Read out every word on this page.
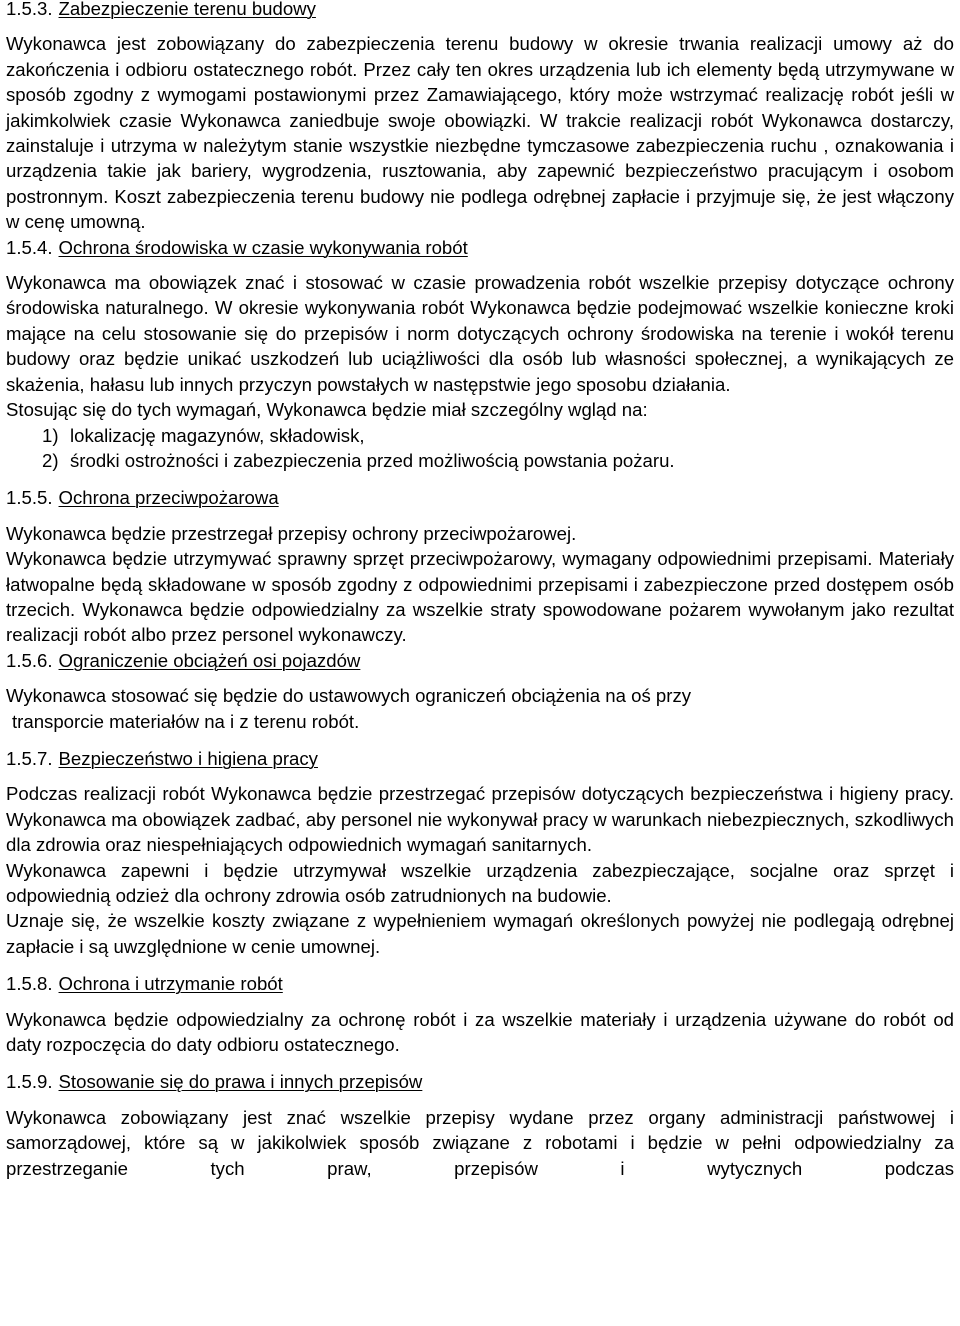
1.5.3. Zabezpieczenie terenu budowy

Wykonawca jest zobowiązany do zabezpieczenia terenu budowy w okresie trwania realizacji umowy aż do zakończenia i odbioru ostatecznego robót. Przez cały ten okres urządzenia lub ich elementy będą utrzymywane w sposób zgodny z wymogami postawionymi przez Zamawiającego, który może wstrzymać realizację robót jeśli w jakimkolwiek czasie Wykonawca zaniedbuje swoje obowiązki. W trakcie realizacji robót Wykonawca dostarczy, zainstaluje i utrzyma w należytym stanie wszystkie niezbędne tymczasowe zabezpieczenia ruchu , oznakowania i urządzenia takie jak bariery, wygrodzenia, rusztowania, aby zapewnić bezpieczeństwo pracującym i osobom postronnym. Koszt zabezpieczenia terenu budowy nie podlega odrębnej zapłacie i przyjmuje się, że jest włączony w cenę umowną.

1.5.4. Ochrona środowiska w czasie wykonywania robót

Wykonawca ma obowiązek znać i stosować w czasie prowadzenia robót wszelkie przepisy dotyczące ochrony środowiska naturalnego. W okresie wykonywania robót Wykonawca będzie podejmować wszelkie konieczne kroki mające na celu stosowanie się do przepisów i norm dotyczących ochrony środowiska na terenie i wokół terenu budowy oraz będzie unikać uszkodzeń lub uciążliwości dla osób lub własności społecznej, a wynikających ze skażenia, hałasu lub innych przyczyn powstałych w następstwie jego sposobu działania.

Stosując się do tych wymagań, Wykonawca będzie miał szczególny wgląd na:

1) lokalizację magazynów, składowisk,
2) środki ostrożności i zabezpieczenia przed możliwością powstania pożaru.
1.5.5. Ochrona przeciwpożarowa

Wykonawca będzie przestrzegał przepisy ochrony przeciwpożarowej.

Wykonawca będzie utrzymywać sprawny sprzęt przeciwpożarowy, wymagany odpowiednimi przepisami. Materiały łatwopalne będą składowane w sposób zgodny z odpowiednimi przepisami i zabezpieczone przed dostępem osób trzecich. Wykonawca będzie odpowiedzialny za wszelkie straty spowodowane pożarem wywołanym jako rezultat realizacji robót albo przez personel wykonawczy.

1.5.6. Ograniczenie obciążeń osi pojazdów

Wykonawca stosować się będzie do ustawowych ograniczeń obciążenia na oś przy

transporcie materiałów na i z terenu robót.

1.5.7. Bezpieczeństwo i higiena pracy

Podczas realizacji robót Wykonawca będzie przestrzegać przepisów dotyczących bezpieczeństwa i higieny pracy. Wykonawca ma obowiązek zadbać, aby personel nie wykonywał pracy w warunkach niebezpiecznych, szkodliwych dla zdrowia oraz niespełniających odpowiednich wymagań sanitarnych.

Wykonawca zapewni i będzie utrzymywał wszelkie urządzenia zabezpieczające, socjalne oraz sprzęt i odpowiednią odzież dla ochrony zdrowia osób zatrudnionych na budowie.

Uznaje się, że wszelkie koszty związane z wypełnieniem wymagań określonych powyżej nie podlegają odrębnej zapłacie i są uwzględnione w cenie umownej.

1.5.8. Ochrona i utrzymanie robót

Wykonawca będzie odpowiedzialny za ochronę robót i za wszelkie materiały i urządzenia używane do robót od daty rozpoczęcia do daty odbioru ostatecznego.

1.5.9. Stosowanie się do prawa i innych przepisów

Wykonawca zobowiązany jest znać wszelkie przepisy wydane przez organy administracji państwowej i samorządowej, które są w jakikolwiek sposób związane z robotami i będzie w pełni odpowiedzialny za przestrzeganie tych praw, przepisów i wytycznych podczas
